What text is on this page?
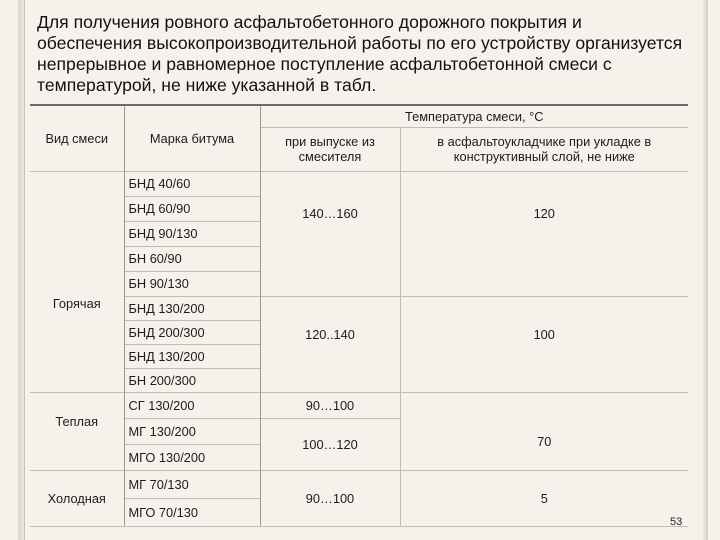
Для получения ровного асфальтобетонного дорожного покрытия и обеспечения высокопроизводительной работы по его устройству организуется непрерывное и равномерное поступление асфальтобетонной смеси с температурой, не ниже указанной в табл.
Вид смеси	Марка битума	Температура смеси, °С	
		при выпуске из смесителя	в асфальтоукладчике при укладке в конструктивный слой, не ниже
Горячая	БНД 40/60	140…160	120
	БНД 60/90		
	БНД 90/130		
	БН 60/90		
	БН 90/130		
	БНД 130/200	120..140	100
	БНД 200/300		
	БНД 130/200		
	БН 200/300		
Теплая	СГ 130/200	90…100	70
	МГ 130/200	100…120	
	МГО 130/200		
Холодная	МГ 70/130	90…100	5
	МГО 70/130		
53
